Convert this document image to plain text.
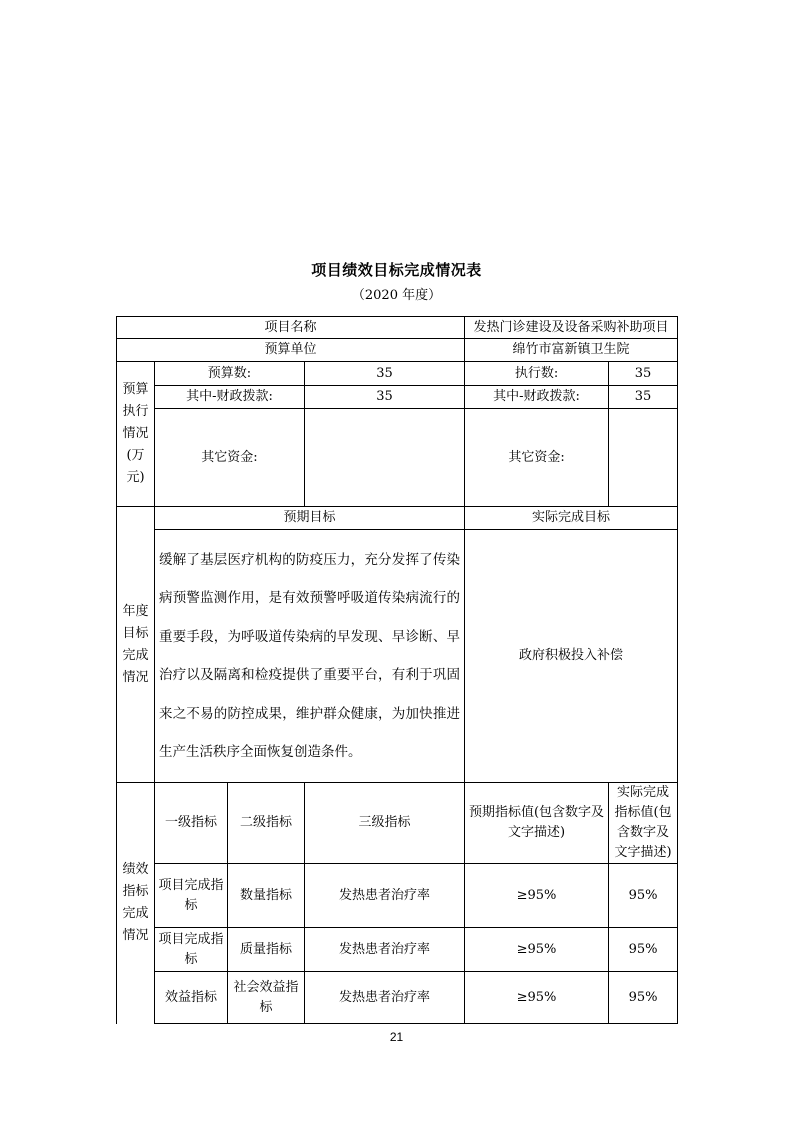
项目绩效目标完成情况表
（2020 年度）
项目名称				发热门诊建设及设备采购补助项目	
预算单位				绵竹市富新镇卫生院	
预算执行情况(万元)	预算数:		35	执行数:	35
	其中-财政拨款:		35	其中-财政拨款:	35
	其它资金:			其它资金:	
年度目标完成情况	预期目标			实际完成目标	
	缓解了基层医疗机构的防疫压力，充分发挥了传染病预警监测作用，是有效预警呼吸道传染病流行的重要手段，为呼吸道传染病的早发现、早诊断、早治疗以及隔离和检疫提供了重要平台，有利于巩固来之不易的防控成果，维护群众健康，为加快推进生产生活秩序全面恢复创造条件。			政府积极投入补偿	
绩效指标完成情况	一级指标	二级指标	三级指标	预期指标值(包含数字及文字描述)	实际完成指标值(包含数字及文字描述)
	项目完成指标	数量指标	发热患者治疗率	≥95%	95%
	项目完成指标	质量指标	发热患者治疗率	≥95%	95%
	效益指标	社会效益指标	发热患者治疗率	≥95%	95%
21
